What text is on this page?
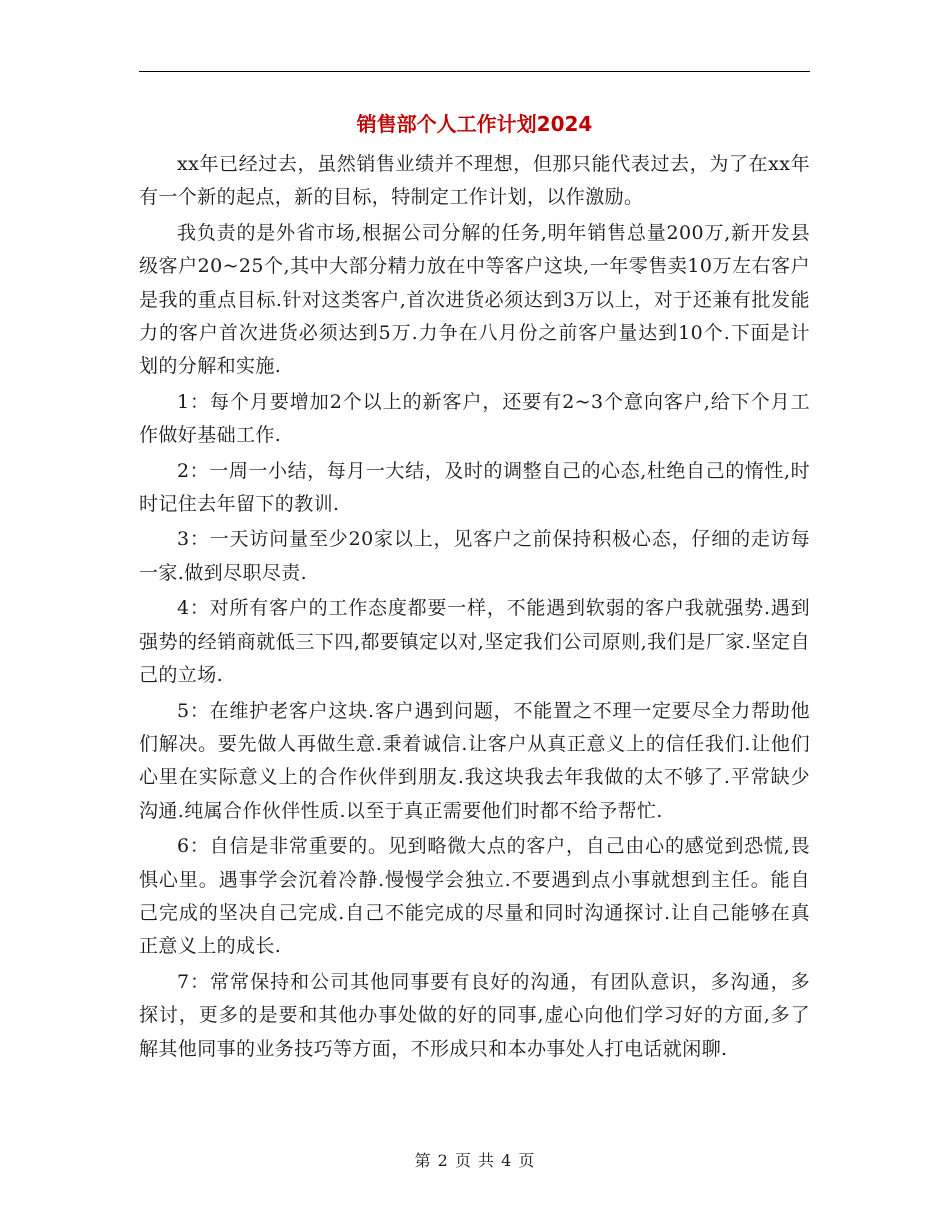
销售部个人工作计划2024

xx年已经过去，虽然销售业绩并不理想，但那只能代表过去，为了在xx年有一个新的起点，新的目标，特制定工作计划，以作激励。

我负责的是外省市场,根据公司分解的任务,明年销售总量200万,新开发县级客户20~25个,其中大部分精力放在中等客户这块,一年零售卖10万左右客户是我的重点目标.针对这类客户,首次进货必须达到3万以上，对于还兼有批发能力的客户首次进货必须达到5万.力争在八月份之前客户量达到10个.下面是计划的分解和实施.

1：每个月要增加2个以上的新客户，还要有2~3个意向客户,给下个月工作做好基础工作.

2：一周一小结，每月一大结，及时的调整自己的心态,杜绝自己的惰性,时时记住去年留下的教训.

3：一天访问量至少20家以上，见客户之前保持积极心态，仔细的走访每一家.做到尽职尽责.

4：对所有客户的工作态度都要一样，不能遇到软弱的客户我就强势.遇到强势的经销商就低三下四,都要镇定以对,坚定我们公司原则,我们是厂家.坚定自己的立场.

5：在维护老客户这块.客户遇到问题，不能置之不理一定要尽全力帮助他们解决。要先做人再做生意.秉着诚信.让客户从真正意义上的信任我们.让他们心里在实际意义上的合作伙伴到朋友.我这块我去年我做的太不够了.平常缺少沟通.纯属合作伙伴性质.以至于真正需要他们时都不给予帮忙.

6：自信是非常重要的。见到略微大点的客户，自己由心的感觉到恐慌,畏惧心里。遇事学会沉着冷静.慢慢学会独立.不要遇到点小事就想到主任。能自己完成的坚决自己完成.自己不能完成的尽量和同时沟通探讨.让自己能够在真正意义上的成长.

7：常常保持和公司其他同事要有良好的沟通，有团队意识，多沟通，多探讨，更多的是要和其他办事处做的好的同事,虚心向他们学习好的方面,多了解其他同事的业务技巧等方面，不形成只和本办事处人打电话就闲聊.

第 2 页 共 4 页
